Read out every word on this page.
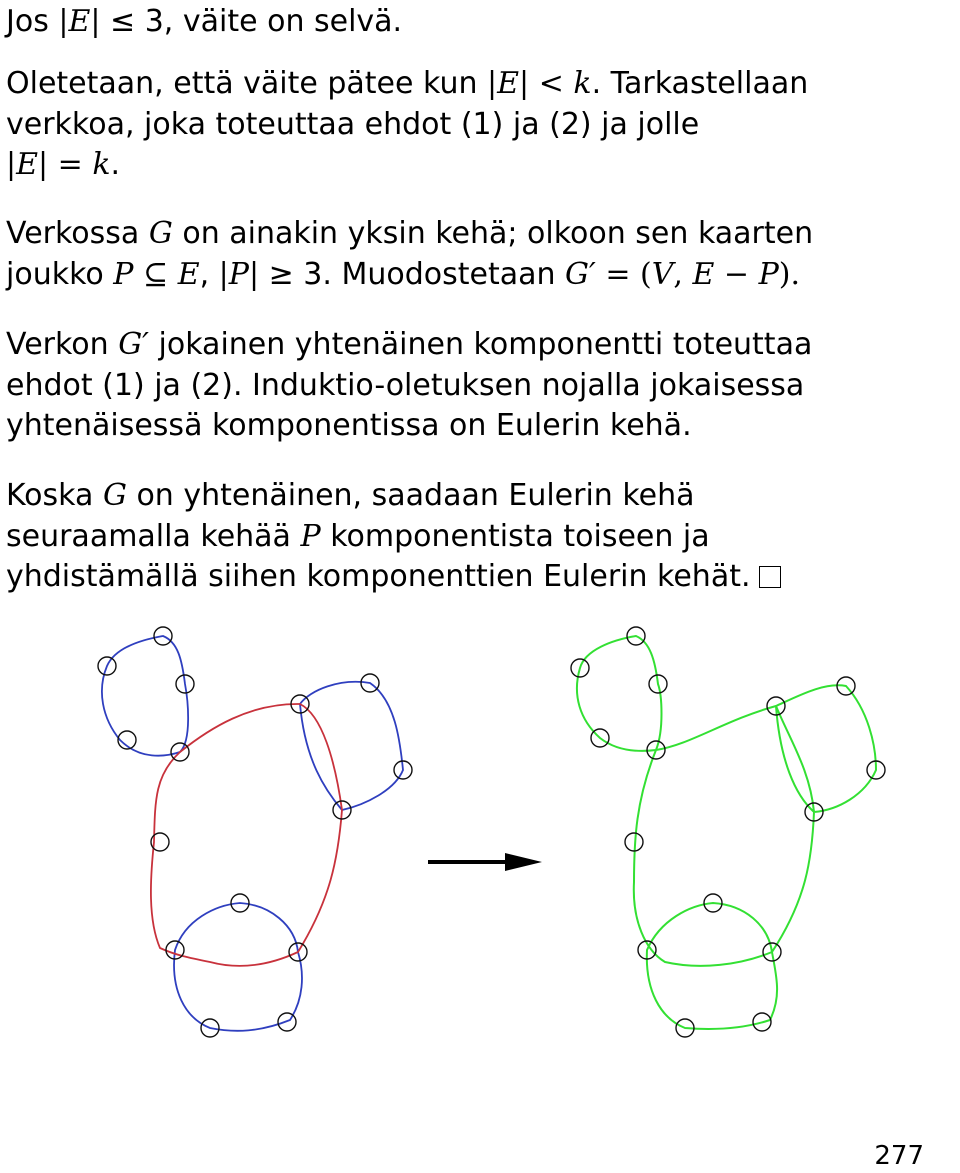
Jos |E| ≤ 3, väite on selvä.
Oletetaan, että väite pätee kun |E| < k. Tarkastellaan
verkkoa, joka toteuttaa ehdot (1) ja (2) ja jolle
|E| = k.
Verkossa G on ainakin yksin kehä; olkoon sen kaarten
joukko P ⊆ E, |P| ≥ 3. Muodostetaan G′ = (V, E − P).
Verkon G′ jokainen yhtenäinen komponentti toteuttaa
ehdot (1) ja (2). Induktio-oletuksen nojalla jokaisessa
yhtenäisessä komponentissa on Eulerin kehä.
Koska G on yhtenäinen, saadaan Eulerin kehä
seuraamalla kehää P komponentista toiseen ja
yhdistämällä siihen komponenttien Eulerin kehät.
277
